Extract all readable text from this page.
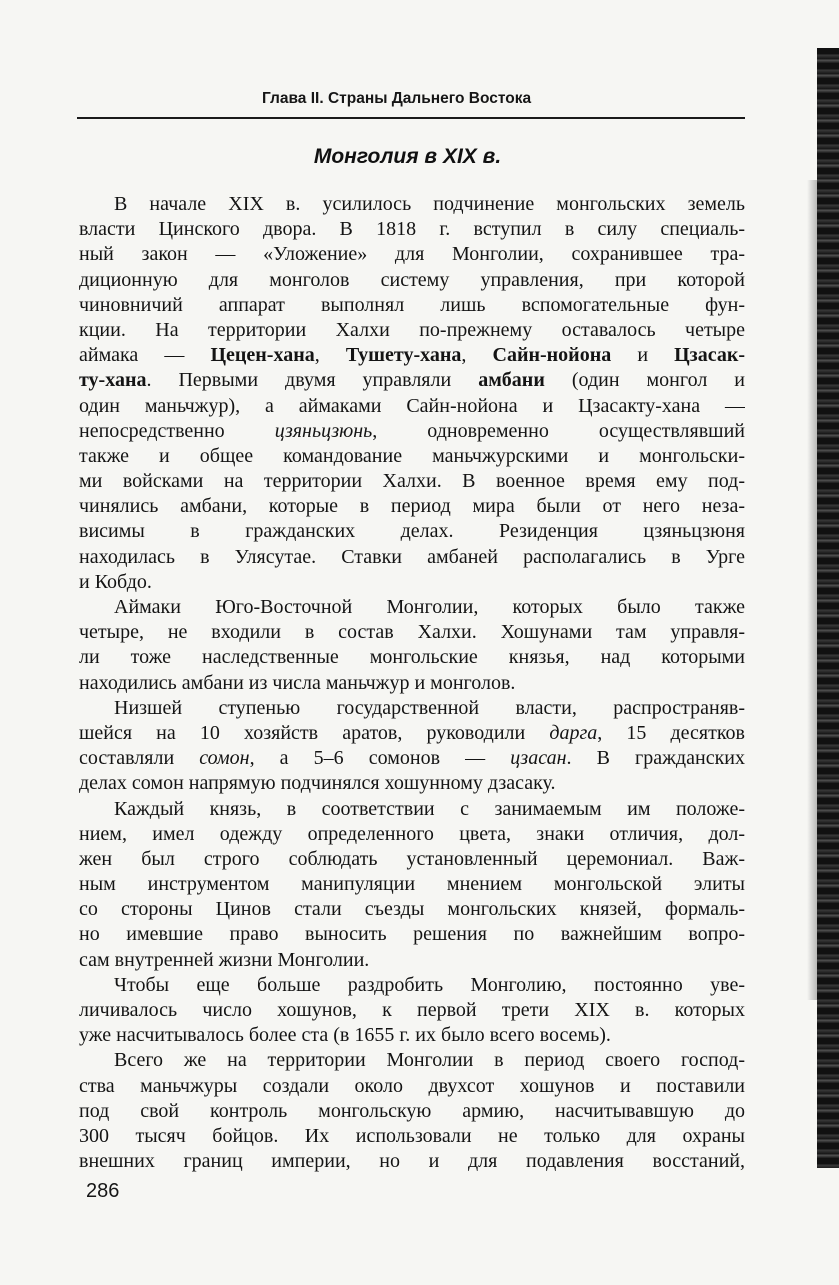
Глава II. Страны Дальнего Востока
Монголия в XIX в.
В начале XIX в. усилилось подчинение монгольских земель
власти Цинского двора. В 1818 г. вступил в силу специаль-
ный закон — «Уложение» для Монголии, сохранившее тра-
диционную для монголов систему управления, при которой
чиновничий аппарат выполнял лишь вспомогательные фун-
кции. На территории Халхи по-прежнему оставалось четыре
аймака — Цецен-хана, Тушету-хана, Сайн-нойона и Цзасак-
ту-хана. Первыми двумя управляли амбани (один монгол и
один маньчжур), а аймаками Сайн-нойона и Цзасакту-хана —
непосредственно цзяньцзюнь, одновременно осуществлявший
также и общее командование маньчжурскими и монгольски-
ми войсками на территории Халхи. В военное время ему под-
чинялись амбани, которые в период мира были от него неза-
висимы в гражданских делах. Резиденция цзяньцзюня
находилась в Улясутае. Ставки амбаней располагались в Урге
и Кобдо.
Аймаки Юго-Восточной Монголии, которых было также
четыре, не входили в состав Халхи. Хошунами там управля-
ли тоже наследственные монгольские князья, над которыми
находились амбани из числа маньчжур и монголов.
Низшей ступенью государственной власти, распространяв-
шейся на 10 хозяйств аратов, руководили дарга, 15 десятков
составляли сомон, а 5–6 сомонов — цзасан. В гражданских
делах сомон напрямую подчинялся хошунному дзасаку.
Каждый князь, в соответствии с занимаемым им положе-
нием, имел одежду определенного цвета, знаки отличия, дол-
жен был строго соблюдать установленный церемониал. Важ-
ным инструментом манипуляции мнением монгольской элиты
со стороны Цинов стали съезды монгольских князей, формаль-
но имевшие право выносить решения по важнейшим вопро-
сам внутренней жизни Монголии.
Чтобы еще больше раздробить Монголию, постоянно уве-
личивалось число хошунов, к первой трети XIX в. которых
уже насчитывалось более ста (в 1655 г. их было всего восемь).
Всего же на территории Монголии в период своего господ-
ства маньчжуры создали около двухсот хошунов и поставили
под свой контроль монгольскую армию, насчитывавшую до
300 тысяч бойцов. Их использовали не только для охраны
внешних границ империи, но и для подавления восстаний,
286
